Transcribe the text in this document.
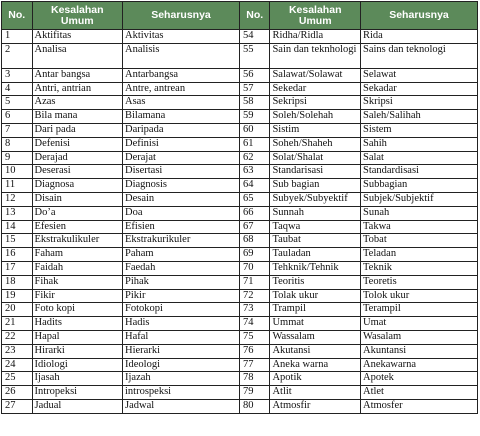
No.	Kesalahan Umum	Seharusnya	No.	Kesalahan Umum	Seharusnya
1	Aktifitas	Aktivitas	54	Ridha/Ridla	Rida
2	Analisa	Analisis	55	Sain dan teknhologi	Sains dan teknologi
3	Antar bangsa	Antarbangsa	56	Salawat/Solawat	Selawat
4	Antri, antrian	Antre, antrean	57	Sekedar	Sekadar
5	Azas	Asas	58	Sekripsi	Skripsi
6	Bila mana	Bilamana	59	Soleh/Solehah	Saleh/Salihah
7	Dari pada	Daripada	60	Sistim	Sistem
8	Defenisi	Definisi	61	Soheh/Shaheh	Sahih
9	Derajad	Derajat	62	Solat/Shalat	Salat
10	Deserasi	Disertasi	63	Standarisasi	Standardisasi
11	Diagnosa	Diagnosis	64	Sub bagian	Subbagian
12	Disain	Desain	65	Subyek/Subyektif	Subjek/Subjektif
13	Do’a	Doa	66	Sunnah	Sunah
14	Efesien	Efisien	67	Taqwa	Takwa
15	Ekstrakulikuler	Ekstrakurikuler	68	Taubat	Tobat
16	Faham	Paham	69	Tauladan	Teladan
17	Faidah	Faedah	70	Tehknik/Tehnik	Teknik
18	Fihak	Pihak	71	Teoritis	Teoretis
19	Fikir	Pikir	72	Tolak ukur	Tolok ukur
20	Foto kopi	Fotokopi	73	Trampil	Terampil
21	Hadits	Hadis	74	Ummat	Umat
22	Hapal	Hafal	75	Wassalam	Wasalam
23	Hirarki	Hierarki	76	Akutansi	Akuntansi
24	Idiologi	Ideologi	77	Aneka warna	Anekawarna
25	Ijasah	Ijazah	78	Apotik	Apotek
26	Intropeksi	introspeksi	79	Atlit	Atlet
27	Jadual	Jadwal	80	Atmosfir	Atmosfer
